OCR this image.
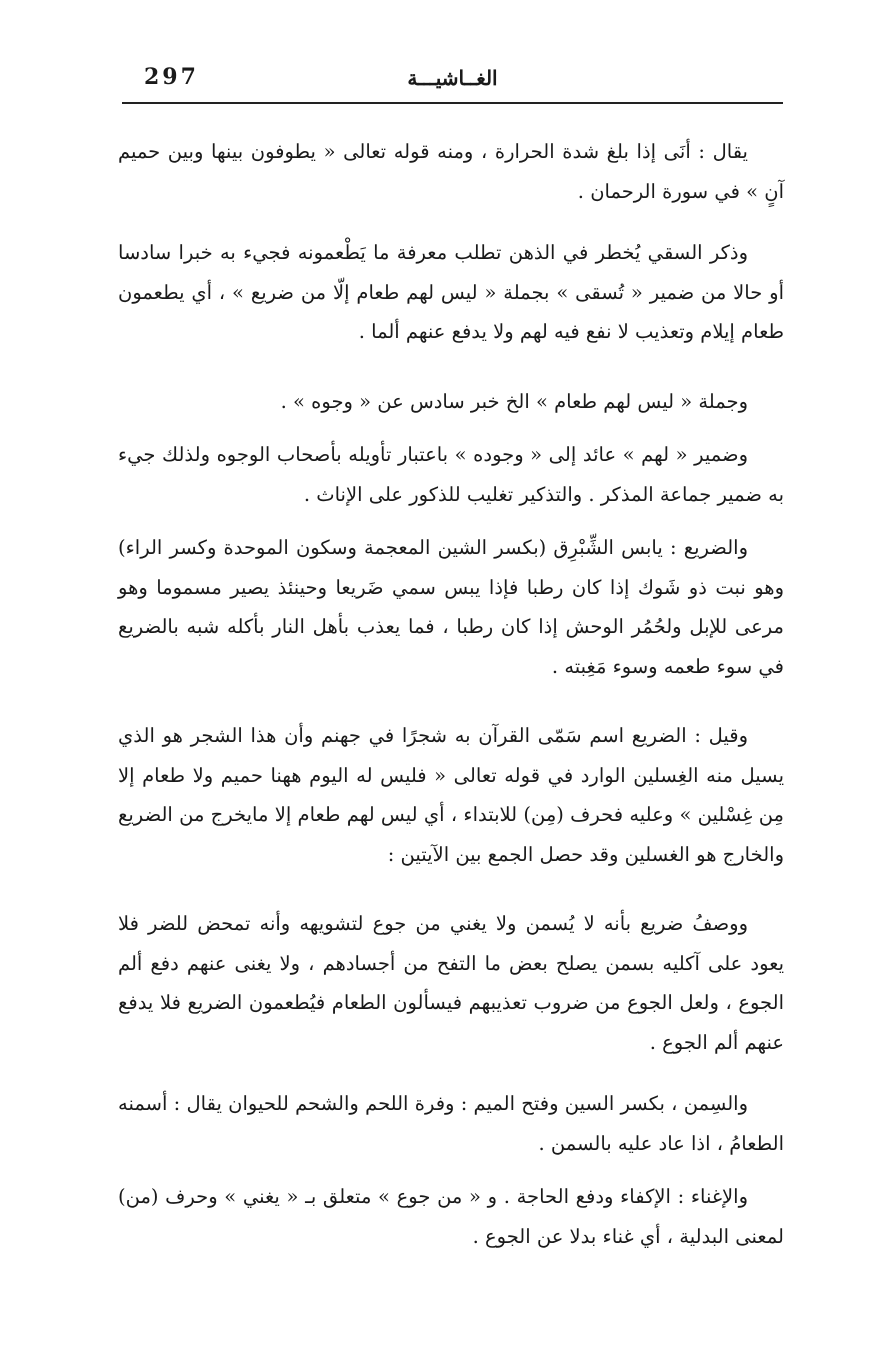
297	الغــاشيـــة

يقال : أنَى إذا بلغ شدة الحرارة ، ومنه قوله تعالى « يطوفون بينها وبين حميم آنٍ » في سورة الرحمان .

وذكر السقي يُخطر في الذهن تطلب معرفة ما يَطْعمونه فجيء به خبرا سادسا أو حالا من ضمير « تُسقى » بجملة « ليس لهم طعام إلّا من ضريع » ، أي يطعمون طعام إيلام وتعذيب لا نفع فيه لهم ولا يدفع عنهم ألما .

وجملة « ليس لهم طعام » الخ خبر سادس عن « وجوه » .

وضمير « لهم » عائد إلى « وجوده » باعتبار تأويله بأصحاب الوجوه ولذلك جيء به ضمير جماعة المذكر . والتذكير تغليب للذكور على الإناث .

والضريع : يابس الشِّبْرِق (بكسر الشين المعجمة وسكون الموحدة وكسر الراء) وهو نبت ذو شَوك إذا كان رطبا فإذا يبس سمي ضَريعا وحينئذ يصير مسموما وهو مرعى للإبل ولحُمُر الوحش إذا كان رطبا ، فما يعذب بأهل النار بأكله شبه بالضريع في سوء طعمه وسوء مَغِبته .

وقيل : الضريع اسم سَمّى القرآن به شجرًا في جهنم وأن هذا الشجر هو الذي يسيل منه الغِسلين الوارد في قوله تعالى « فليس له اليوم ههنا حميم ولا طعام إلا مِن غِسْلين » وعليه فحرف (مِن) للابتداء ، أي ليس لهم طعام إلا مايخرج من الضريع والخارج هو الغسلين وقد حصل الجمع بين الآيتين :

ووصفُ ضريع بأنه لا يُسمن ولا يغني من جوع لتشويهه وأنه تمحض للضر فلا يعود على آكليه بسمن يصلح بعض ما التفح من أجسادهم ، ولا يغنى عنهم دفع ألم الجوع ، ولعل الجوع من ضروب تعذيبهم فيسألون الطعام فيُطعمون الضريع فلا يدفع عنهم ألم الجوع .

والسِمن ، بكسر السين وفتح الميم : وفرة اللحم والشحم للحيوان يقال : أسمنه الطعامُ ، اذا عاد عليه بالسمن .

والإغناء : الإكفاء ودفع الحاجة . و « من جوع » متعلق بـ « يغني » وحرف (من) لمعنى البدلية ، أي غناء بدلا عن الجوع .
